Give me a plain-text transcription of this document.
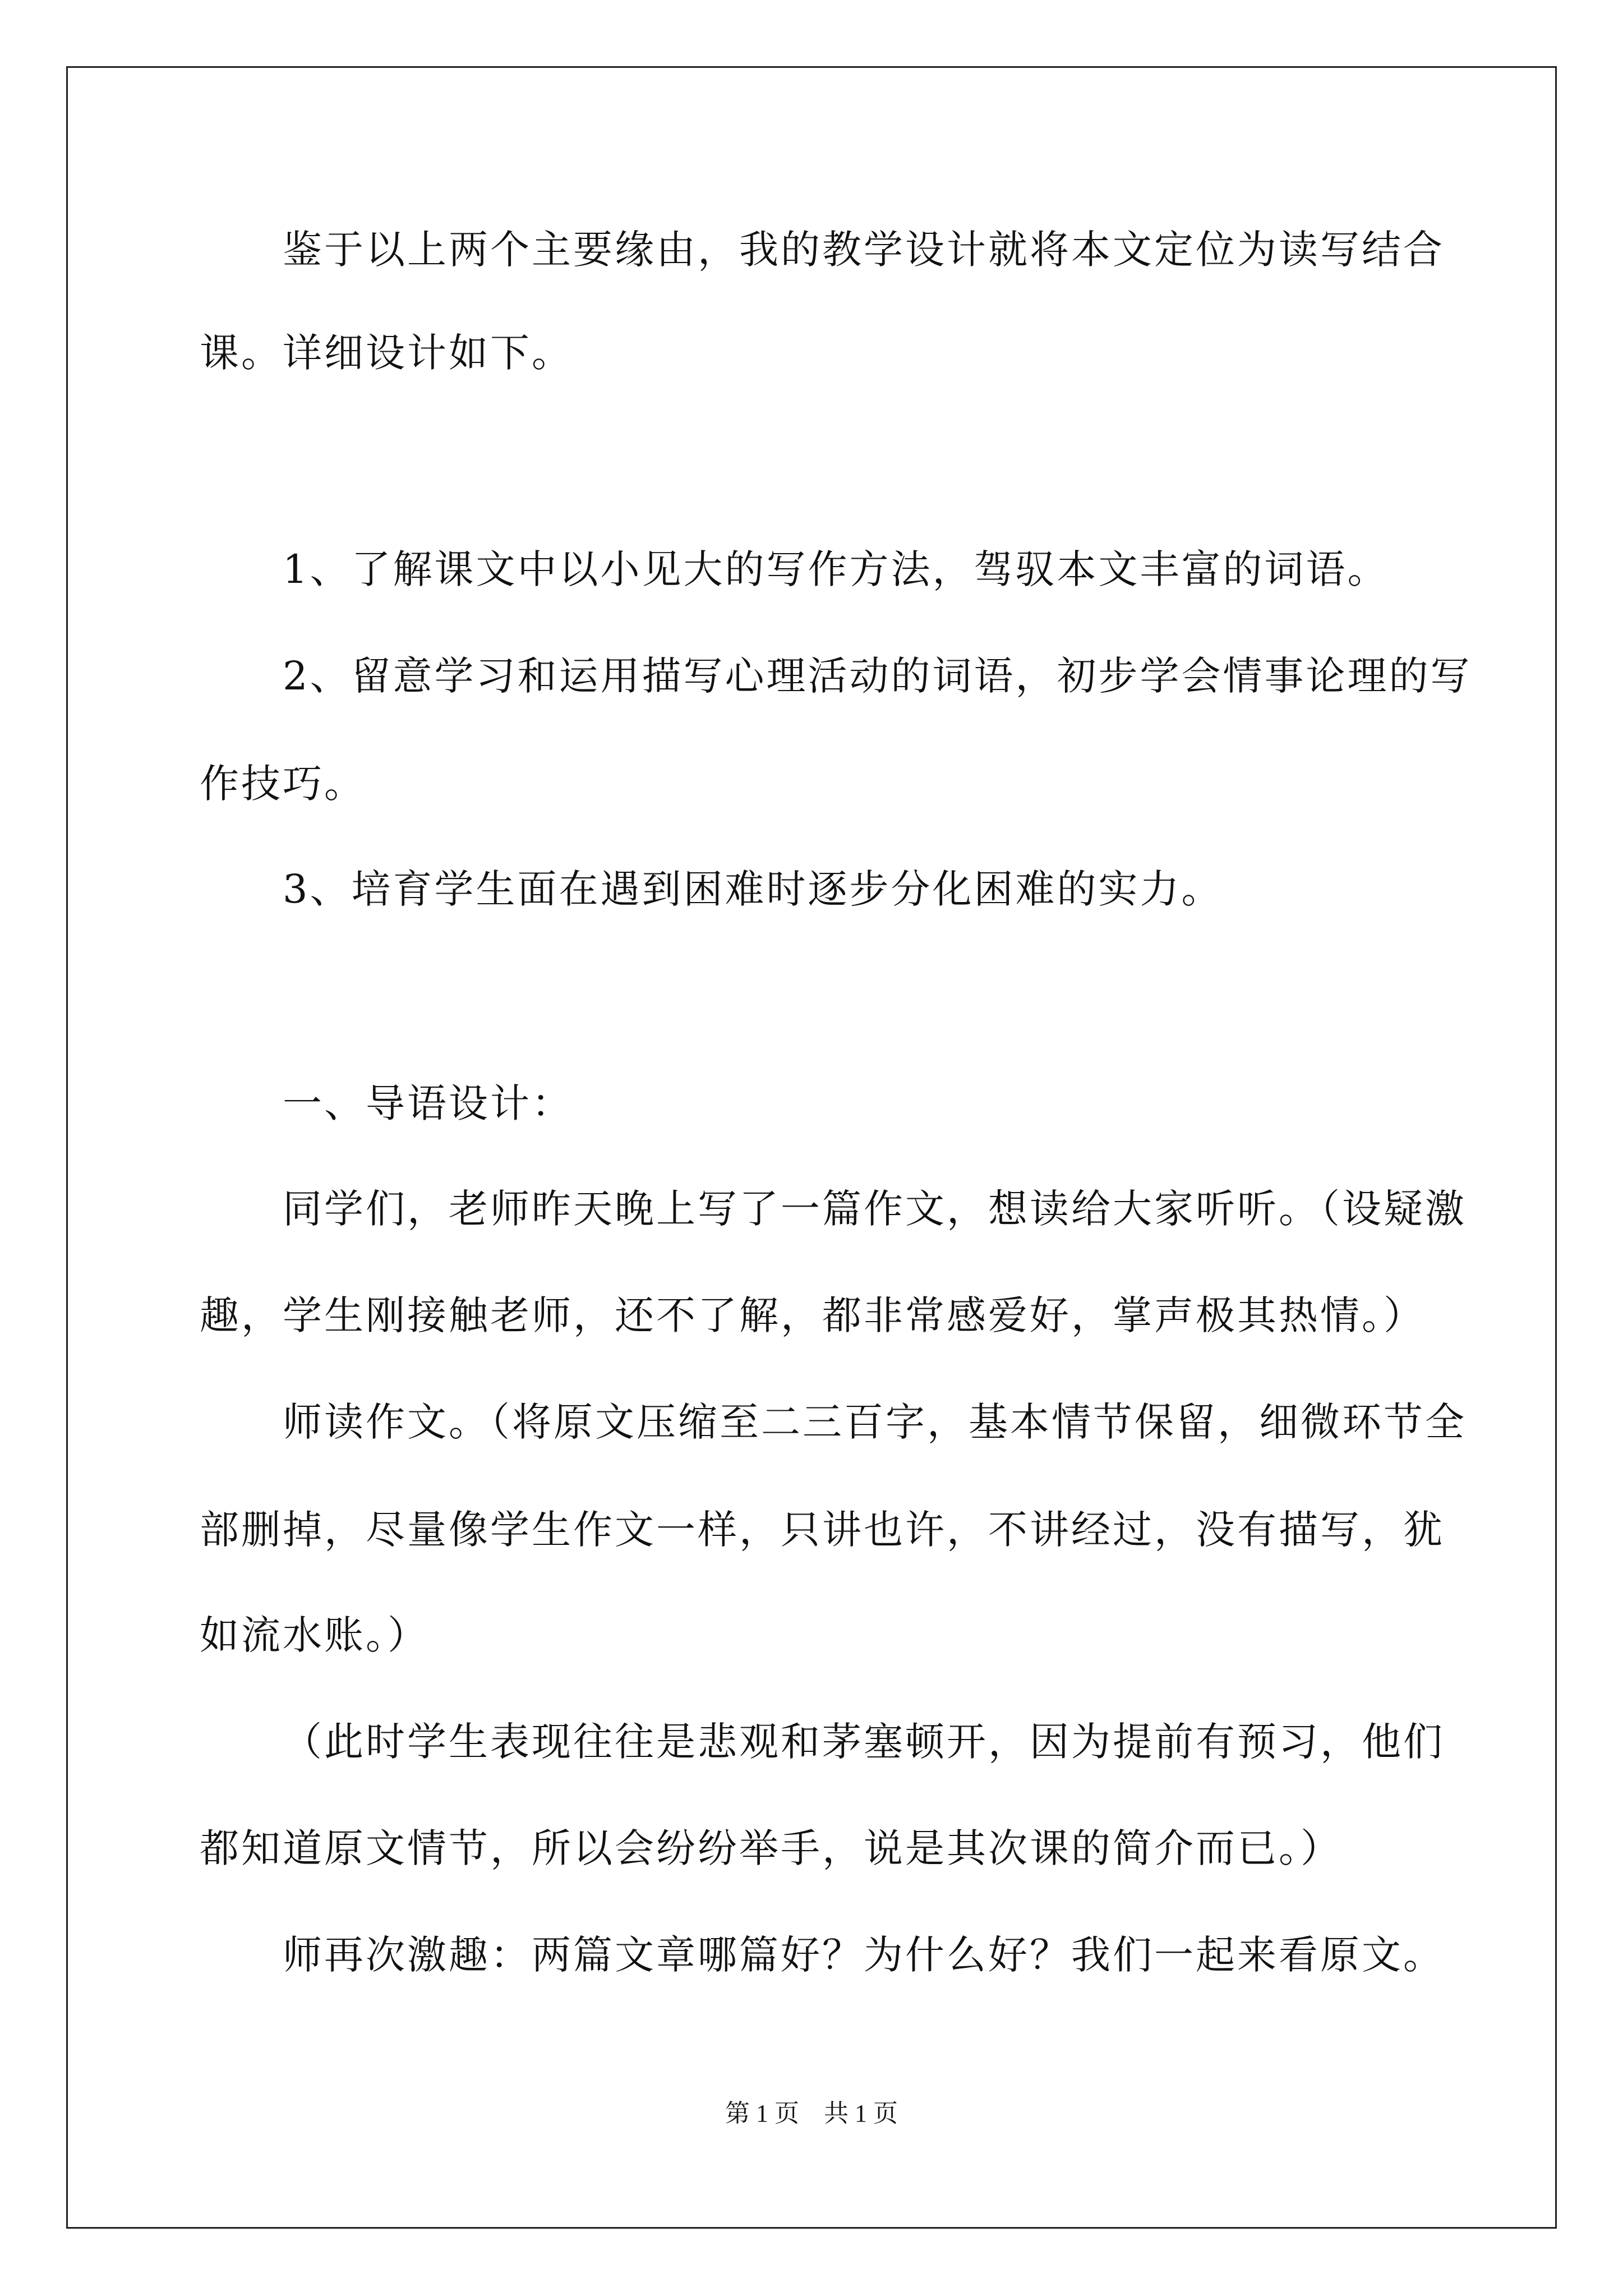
鉴于以上两个主要缘由，我的教学设计就将本文定位为读写结合
课。详细设计如下。
1、了解课文中以小见大的写作方法，驾驭本文丰富的词语。
2、留意学习和运用描写心理活动的词语，初步学会情事论理的写
作技巧。
3、培育学生面在遇到困难时逐步分化困难的实力。
一、导语设计：
同学们，老师昨天晚上写了一篇作文，想读给大家听听。（设疑激
趣，学生刚接触老师，还不了解，都非常感爱好，掌声极其热情。）
师读作文。（将原文压缩至二三百字，基本情节保留，细微环节全
部删掉，尽量像学生作文一样，只讲也许，不讲经过，没有描写，犹
如流水账。）
（此时学生表现往往是悲观和茅塞顿开，因为提前有预习，他们
都知道原文情节，所以会纷纷举手，说是其次课的简介而已。）
师再次激趣：两篇文章哪篇好？为什么好？我们一起来看原文。
第 1 页    共 1 页
